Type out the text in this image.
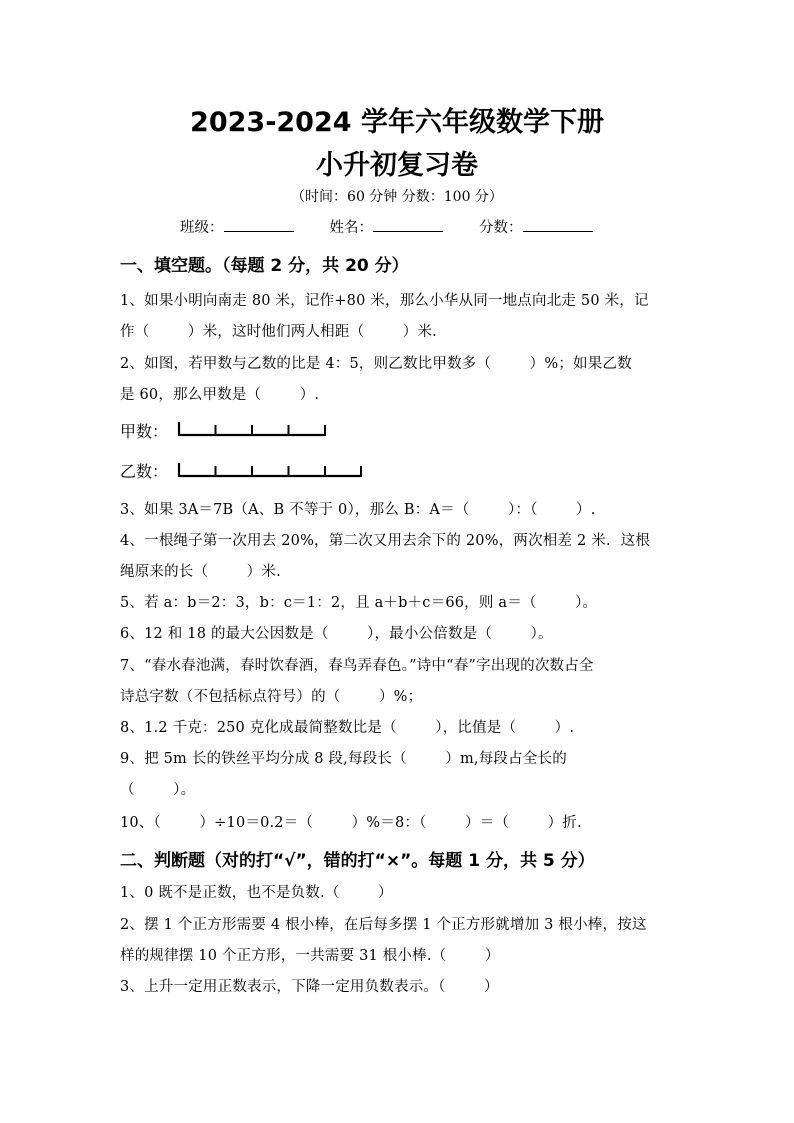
2023-2024 学年六年级数学下册
小升初复习卷
（时间：60 分钟 分数：100 分）
班级：	姓名：	分数：
一、填空题。（每题 2 分，共 20 分）
1、如果小明向南走 80 米，记作+80 米，那么小华从同一地点向北走 50 米，记
作（        ）米，这时他们两人相距（        ）米.
2、如图，若甲数与乙数的比是 4：5，则乙数比甲数多（        ）%；如果乙数
是 60，那么甲数是（        ）.
甲数：
乙数：
3、如果 3A＝7B（A、B 不等于 0），那么 B：A＝（        ）：（        ）.
4、一根绳子第一次用去 20%，第二次又用去余下的 20%，两次相差 2 米．这根
绳原来的长（        ）米.
5、若 a：b＝2：3，b：c＝1：2，且 a＋b＋c＝66，则 a＝（        ）。
6、12 和 18 的最大公因数是（        ），最小公倍数是（        ）。
7、“春水春池满，春时饮春酒，春鸟弄春色。”诗中“春”字出现的次数占全
诗总字数（不包括标点符号）的（        ）%；
8、1.2 千克：250 克化成最简整数比是（        ），比值是（        ）.
9、把 5m 长的铁丝平均分成 8 段,每段长（        ）m,每段占全长的
（        ）。
10、（        ）÷10＝0.2＝（        ）%＝8：（        ）＝（        ）折.
二、判断题（对的打“√”，错的打“×”。每题 1 分，共 5 分）
1、0 既不是正数，也不是负数.（        ）
2、摆 1 个正方形需要 4 根小棒，在后每多摆 1 个正方形就增加 3 根小棒，按这
样的规律摆 10 个正方形，一共需要 31 根小棒.（        ）
3、上升一定用正数表示，下降一定用负数表示。（        ）
